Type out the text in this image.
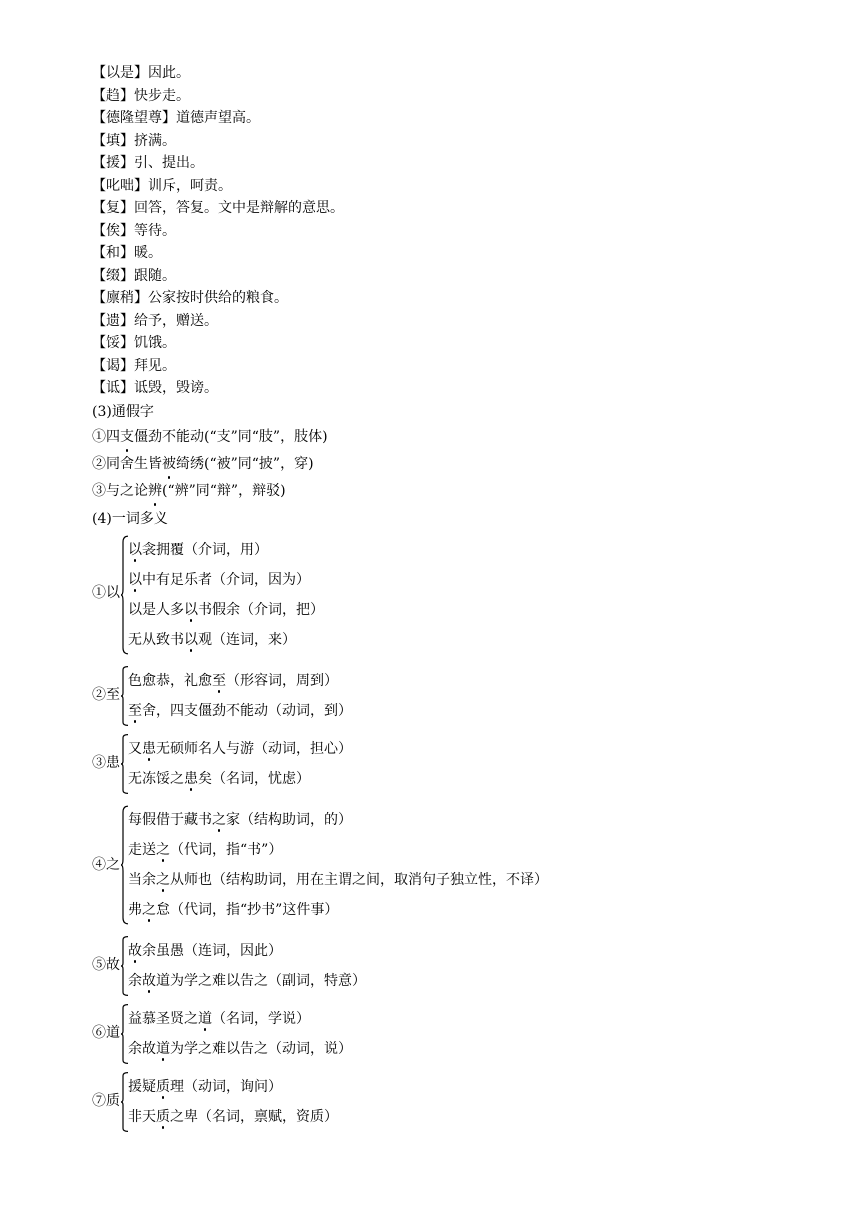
【以是】因此。
【趋】快步走。
【德隆望尊】道德声望高。
【填】挤满。
【援】引、提出。
【叱咄】训斥，呵责。
【复】回答，答复。文中是辩解的意思。
【俟】等待。
【和】暖。
【缀】跟随。
【廪稍】公家按时供给的粮食。
【遗】给予，赠送。
【馁】饥饿。
【谒】拜见。
【诋】诋毁，毁谤。
(3)通假字
①四支僵劲不能动(“支”同“肢”，肢体)
②同舍生皆被绮绣(“被”同“披”，穿)
③与之论辨(“辨”同“辩”，辩驳)
(4)一词多义
①以
以衾拥覆（介词，用）
以中有足乐者（介词，因为）
以是人多以书假余（介词，把）
无从致书以观（连词，来）
②至
色愈恭，礼愈至（形容词，周到）
至舍，四支僵劲不能动（动词，到）
③患
又患无硕师名人与游（动词，担心）
无冻馁之患矣（名词，忧虑）
④之
每假借于藏书之家（结构助词，的）
走送之（代词，指“书”）
当余之从师也（结构助词，用在主谓之间，取消句子独立性，不译）
弗之怠（代词，指“抄书”这件事）
⑤故
故余虽愚（连词，因此）
余故道为学之难以告之（副词，特意）
⑥道
益慕圣贤之道（名词，学说）
余故道为学之难以告之（动词，说）
⑦质
援疑质理（动词，询问）
非天质之卑（名词，禀赋，资质）
